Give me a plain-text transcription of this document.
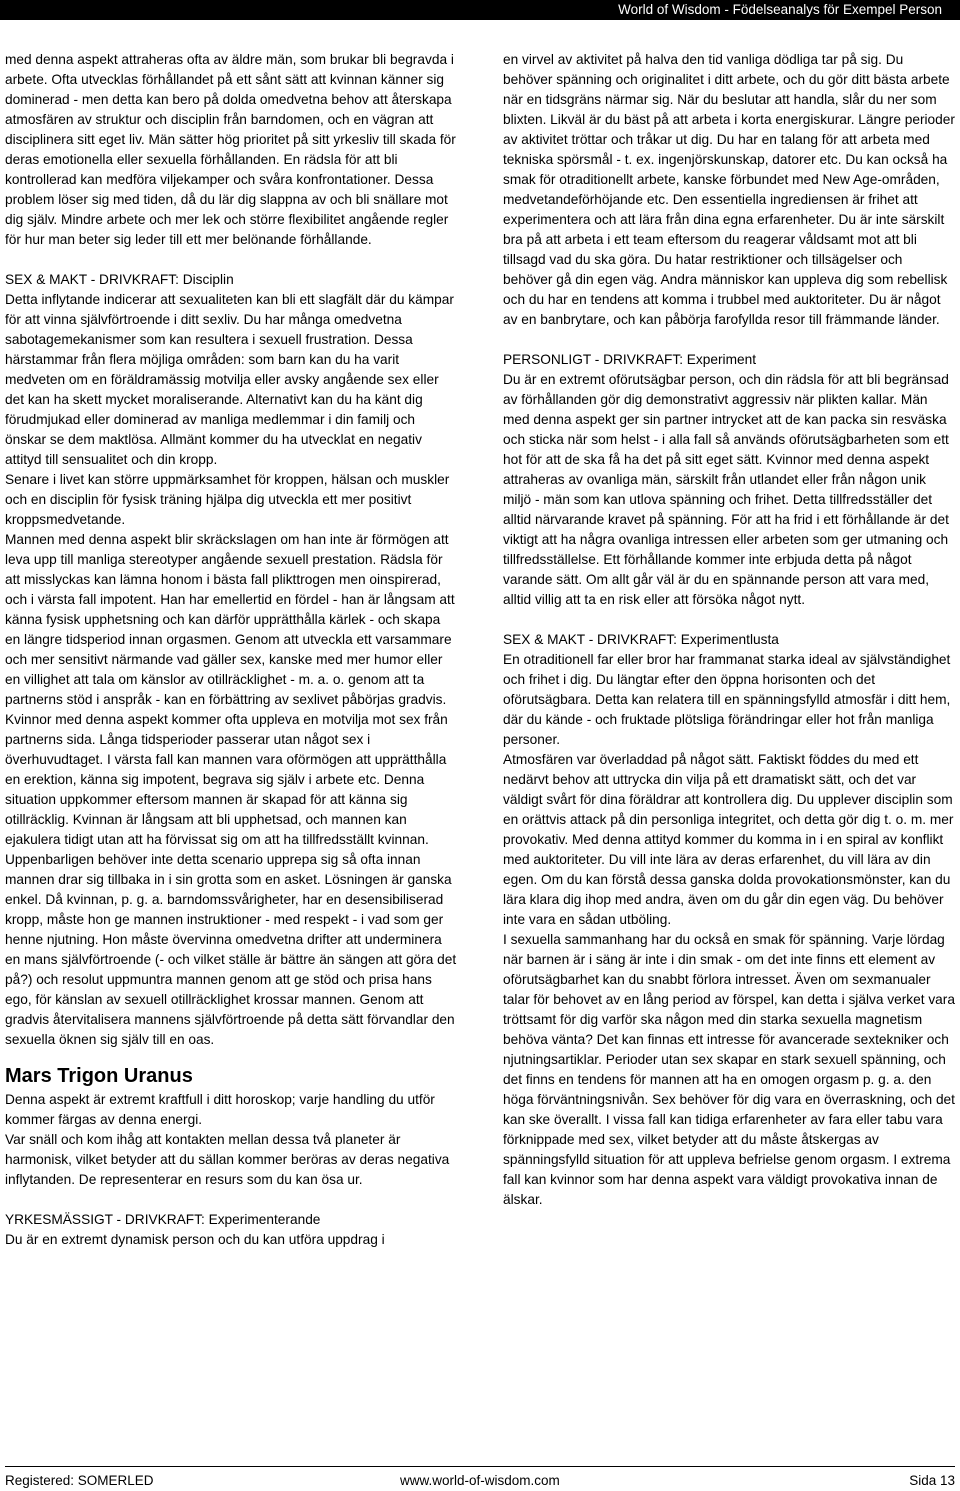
World of Wisdom - Födelseanalys för Exempel Person

med denna aspekt attraheras ofta av äldre män, som brukar bli begravda i arbete. Ofta utvecklas förhållandet på ett sånt sätt att kvinnan känner sig dominerad - men detta kan bero på dolda omedvetna behov att återskapa atmosfären av struktur och disciplin från barndomen, och en vägran att disciplinera sitt eget liv. Män sätter hög prioritet på sitt yrkesliv till skada för deras emotionella eller sexuella förhållanden. En rädsla för att bli kontrollerad kan medföra viljekamper och svåra konfrontationer. Dessa problem löser sig med tiden, då du lär dig slappna av och bli snällare mot dig själv. Mindre arbete och mer lek och större flexibilitet angående regler för hur man beter sig leder till ett mer belönande förhållande.

SEX & MAKT - DRIVKRAFT: Disciplin

Detta inflytande indicerar att sexualiteten kan bli ett slagfält där du kämpar för att vinna självförtroende i ditt sexliv. Du har många omedvetna sabotagemekanismer som kan resultera i sexuell frustration. Dessa härstammar från flera möjliga områden: som barn kan du ha varit medveten om en föräldramässig motvilja eller avsky angående sex eller det kan ha skett mycket moraliserande. Alternativt kan du ha känt dig förudmjukad eller dominerad av manliga medlemmar i din familj och önskar se dem maktlösa. Allmänt kommer du ha utvecklat en negativ attityd till sensualitet och din kropp.

Senare i livet kan större uppmärksamhet för kroppen, hälsan och muskler och en disciplin för fysisk träning hjälpa dig utveckla ett mer positivt kroppsmedvetande.

Mannen med denna aspekt blir skräckslagen om han inte är förmögen att leva upp till manliga stereotyper angående sexuell prestation. Rädsla för att misslyckas kan lämna honom i bästa fall plikttrogen men oinspirerad, och i värsta fall impotent. Han har emellertid en fördel - han är långsam att känna fysisk upphetsning och kan därför upprätthålla kärlek - och skapa en längre tidsperiod innan orgasmen. Genom att utveckla ett varsammare och mer sensitivt närmande vad gäller sex, kanske med mer humor eller en villighet att tala om känslor av otillräcklighet - m. a. o. genom att ta partnerns stöd i anspråk - kan en förbättring av sexlivet påbörjas gradvis.

Kvinnor med denna aspekt kommer ofta uppleva en motvilja mot sex från partnerns sida. Långa tidsperioder passerar utan något sex i överhuvudtaget. I värsta fall kan mannen vara oförmögen att upprätthålla en erektion, känna sig impotent, begrava sig själv i arbete etc. Denna situation uppkommer eftersom mannen är skapad för att känna sig otillräcklig. Kvinnan är långsam att bli upphetsad, och mannen kan ejakulera tidigt utan att ha förvissat sig om att ha tillfredsställt kvinnan. Uppenbarligen behöver inte detta scenario upprepa sig så ofta innan mannen drar sig tillbaka in i sin grotta som en asket. Lösningen är ganska enkel. Då kvinnan, p. g. a. barndomssvårigheter, har en desensibiliserad kropp, måste hon ge mannen instruktioner - med respekt - i vad som ger henne njutning. Hon måste övervinna omedvetna drifter att underminera en mans självförtroende (- och vilket ställe är bättre än sängen att göra det på?) och resolut uppmuntra mannen genom att ge stöd och prisa hans ego, för känslan av sexuell otillräcklighet krossar mannen. Genom att gradvis återvitalisera mannens självförtroende på detta sätt förvandlar den sexuella öknen sig själv till en oas.

Mars Trigon Uranus

Denna aspekt är extremt kraftfull i ditt horoskop; varje handling du utför kommer färgas av denna energi.

Var snäll och kom ihåg att kontakten mellan dessa två planeter är harmonisk, vilket betyder att du sällan kommer beröras av deras negativa inflytanden. De representerar en resurs som du kan ösa ur.

YRKESMÄSSIGT - DRIVKRAFT: Experimenterande

Du är en extremt dynamisk person och du kan utföra uppdrag i

en virvel av aktivitet på halva den tid vanliga dödliga tar på sig. Du behöver spänning och originalitet i ditt arbete, och du gör ditt bästa arbete när en tidsgräns närmar sig. När du beslutar att handla, slår du ner som blixten. Likväl är du bäst på att arbeta i korta energiskurar. Längre perioder av aktivitet tröttar och tråkar ut dig. Du har en talang för att arbeta med tekniska spörsmål - t. ex. ingenjörskunskap, datorer etc. Du kan också ha smak för otraditionellt arbete, kanske förbundet med New Age-områden, medvetandeförhöjande etc. Den essentiella ingrediensen är frihet att experimentera och att lära från dina egna erfarenheter. Du är inte särskilt bra på att arbeta i ett team eftersom du reagerar våldsamt mot att bli tillsagd vad du ska göra. Du hatar restriktioner och tillsägelser och behöver gå din egen väg. Andra människor kan uppleva dig som rebellisk och du har en tendens att komma i trubbel med auktoriteter. Du är något av en banbrytare, och kan påbörja farofyllda resor till främmande länder.

PERSONLIGT - DRIVKRAFT: Experiment

Du är en extremt oförutsägbar person, och din rädsla för att bli begränsad av förhållanden gör dig demonstrativt aggressiv när plikten kallar. Män med denna aspekt ger sin partner intrycket att de kan packa sin resväska och sticka när som helst - i alla fall så används oförutsägbarheten som ett hot för att de ska få ha det på sitt eget sätt. Kvinnor med denna aspekt attraheras av ovanliga män, särskilt från utlandet eller från någon unik miljö - män som kan utlova spänning och frihet. Detta tillfredsställer det alltid närvarande kravet på spänning. För att ha frid i ett förhållande är det viktigt att ha några ovanliga intressen eller arbeten som ger utmaning och tillfredsställelse. Ett förhållande kommer inte erbjuda detta på något varande sätt. Om allt går väl är du en spännande person att vara med, alltid villig att ta en risk eller att försöka något nytt.

SEX & MAKT - DRIVKRAFT: Experimentlusta

En otraditionell far eller bror har frammanat starka ideal av självständighet och frihet i dig. Du längtar efter den öppna horisonten och det oförutsägbara. Detta kan relatera till en spänningsfylld atmosfär i ditt hem, där du kände - och fruktade plötsliga förändringar eller hot från manliga personer.

Atmosfären var överladdad på något sätt. Faktiskt föddes du med ett nedärvt behov att uttrycka din vilja på ett dramatiskt sätt, och det var väldigt svårt för dina föräldrar att kontrollera dig. Du upplever disciplin som en orättvis attack på din personliga integritet, och detta gör dig t. o. m. mer provokativ. Med denna attityd kommer du komma in i en spiral av konflikt med auktoriteter. Du vill inte lära av deras erfarenhet, du vill lära av din egen. Om du kan förstå dessa ganska dolda provokationsmönster, kan du lära klara dig ihop med andra, även om du går din egen väg. Du behöver inte vara en sådan utböling.

I sexuella sammanhang har du också en smak för spänning. Varje lördag när barnen är i säng är inte i din smak - om det inte finns ett element av oförutsägbarhet kan du snabbt förlora intresset. Även om sexmanualer talar för behovet av en lång period av förspel, kan detta i själva verket vara tröttsamt för dig varför ska någon med din starka sexuella magnetism behöva vänta? Det kan finnas ett intresse för avancerade sextekniker och njutningsartiklar. Perioder utan sex skapar en stark sexuell spänning, och det finns en tendens för mannen att ha en omogen orgasm p. g. a. den höga förväntningsnivån. Sex behöver för dig vara en överraskning, och det kan ske överallt. I vissa fall kan tidiga erfarenheter av fara eller tabu vara förknippade med sex, vilket betyder att du måste åtskergas av spänningsfylld situation för att uppleva befrielse genom orgasm. I extrema fall kan kvinnor som har denna aspekt vara väldigt provokativa innan de älskar.

Registered: SOMERLED	www.world-of-wisdom.com	Sida 13
